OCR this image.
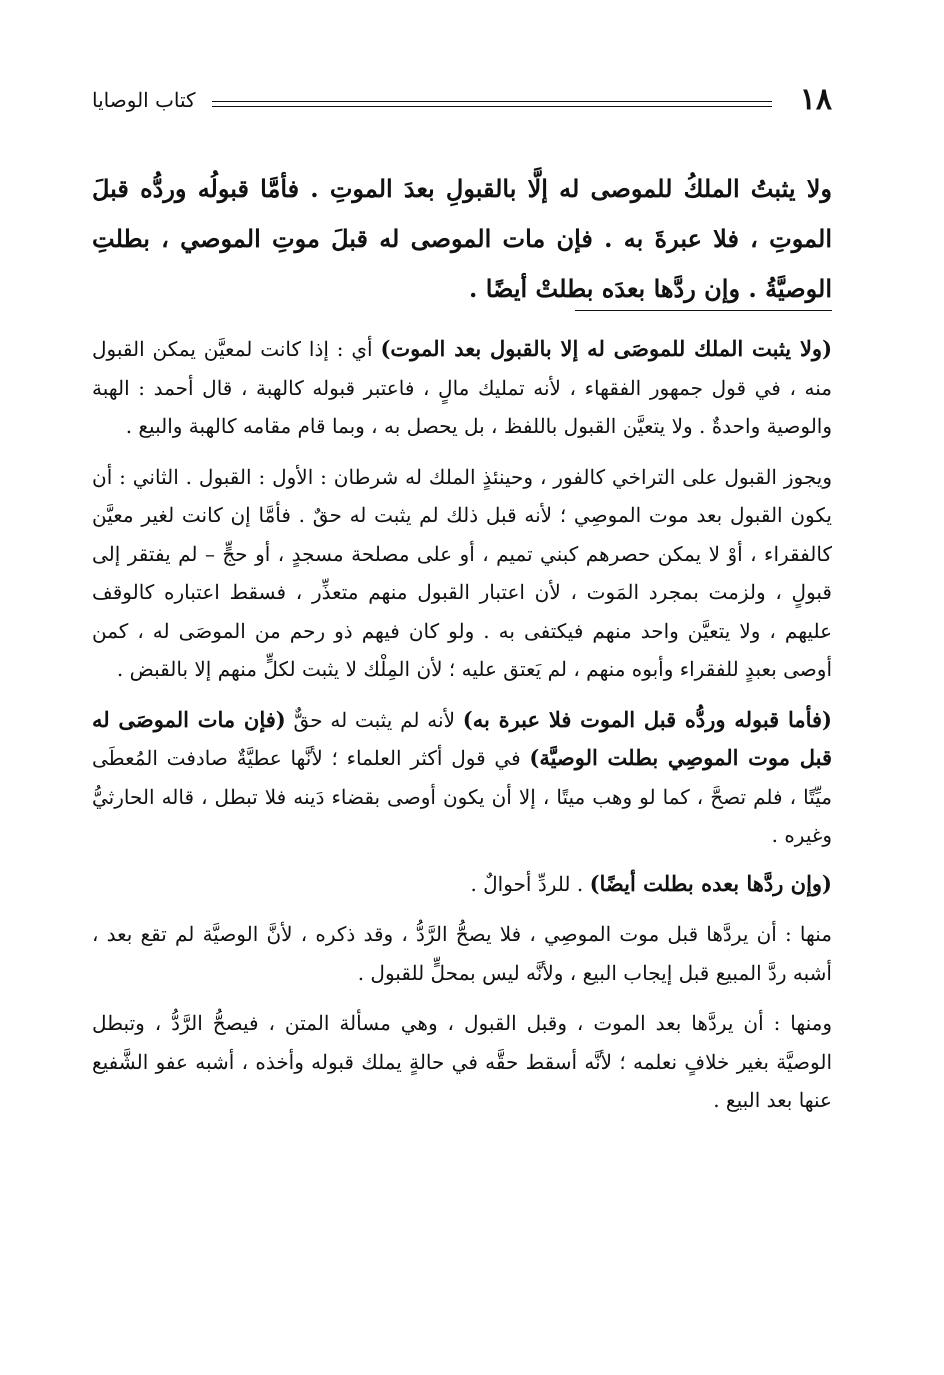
١٨
كتاب الوصايا
ولا يثبتُ الملكُ للموصى له إلَّا بالقبولِ بعدَ الموتِ . فأمَّا قبولُه وردُّه قبلَ الموتِ ، فلا عبرةَ به . فإن مات الموصى له قبلَ موتِ الموصي ، بطلتِ الوصيَّةُ . وإن ردَّها بعدَه بطلتْ أيضًا .

(ولا يثبت الملك للموصَى له إلا بالقبول بعد الموت) أي : إذا كانت لمعيَّن يمكن القبول منه ، في قول جمهور الفقهاء ، لأنه تمليك مالٍ ، فاعتبر قبوله كالهبة ، قال أحمد : الهبة والوصية واحدةٌ . ولا يتعيَّن القبول باللفظ ، بل يحصل به ، وبما قام مقامه كالهبة والبيع .

ويجوز القبول على التراخي كالفور ، وحينئذٍ الملك له شرطان : الأول : القبول . الثاني : أن يكون القبول بعد موت الموصِي ؛ لأنه قبل ذلك لم يثبت له حقٌ . فأمَّا إن كانت لغير معيَّن كالفقراء ، أوْ لا يمكن حصرهم كبني تميم ، أو على مصلحة مسجدٍ ، أو حجٍّ – لم يفتقر إلى قبولٍ ، ولزمت بمجرد المَوت ، لأن اعتبار القبول منهم متعذِّر ، فسقط اعتباره كالوقف عليهم ، ولا يتعيَّن واحد منهم فيكتفى به . ولو كان فيهم ذو رحم من الموصَى له ، كمن أوصى بعبدٍ للفقراء وأبوه منهم ، لم يَعتق عليه ؛ لأن المِلْك لا يثبت لكلٍّ منهم إلا بالقبض .

(فأما قبوله وردُّه قبل الموت فلا عبرة به) لأنه لم يثبت له حقٌّ (فإن مات الموصَى له قبل موت الموصِي بطلت الوصيَّة) في قول أكثر العلماء ؛ لأنَّها عطيَّةٌ صادفت المُعطَى ميِّتًا ، فلم تصحَّ ، كما لو وهب ميتًا ، إلا أن يكون أوصى بقضاء دَينه فلا تبطل ، قاله الحارثيُّ وغيره .

(وإن ردَّها بعده بطلت أيضًا) . للردِّ أحوالٌ .

منها : أن يردَّها قبل موت الموصِي ، فلا يصحُّ الرَّدُّ ، وقد ذكره ، لأنَّ الوصيَّة لم تقع بعد ، أشبه ردَّ المبيع قبل إيجاب البيع ، ولأنَّه ليس بمحلٍّ للقبول .

ومنها : أن يردَّها بعد الموت ، وقبل القبول ، وهي مسألة المتن ، فيصحُّ الرَّدُّ ، وتبطل الوصيَّة بغير خلافٍ نعلمه ؛ لأنَّه أسقط حقَّه في حالةٍ يملك قبوله وأخذه ، أشبه عفو الشَّفيع عنها بعد البيع .
